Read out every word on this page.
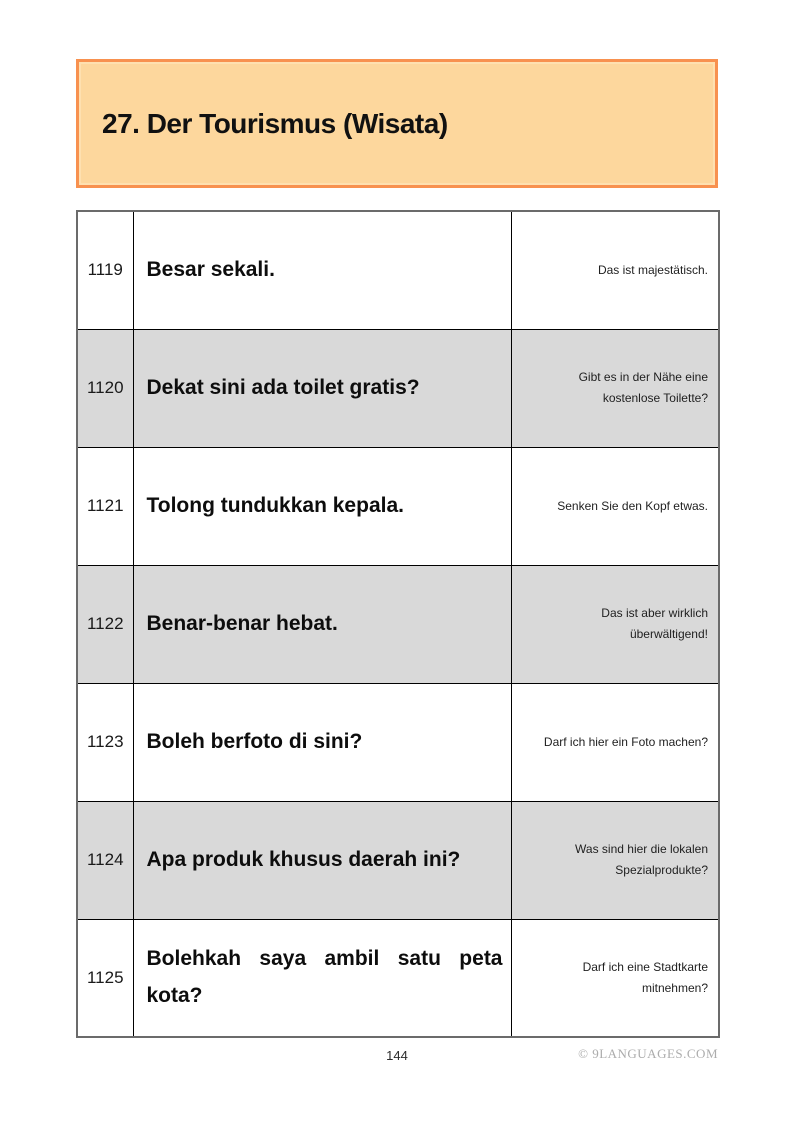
27. Der Tourismus (Wisata)
1119	Besar sekali.	Das ist majestätisch.
1120	Dekat sini ada toilet gratis?	Gibt es in der Nähe eine kostenlose Toilette?
1121	Tolong tundukkan kepala.	Senken Sie den Kopf etwas.
1122	Benar-benar hebat.	Das ist aber wirklich überwältigend!
1123	Boleh berfoto di sini?	Darf ich hier ein Foto machen?
1124	Apa produk khusus daerah ini?	Was sind hier die lokalen Spezialprodukte?
1125	Bolehkah saya ambil satu peta kota?	Darf ich eine Stadtkarte mitnehmen?
144	© 9LANGUAGES.COM
